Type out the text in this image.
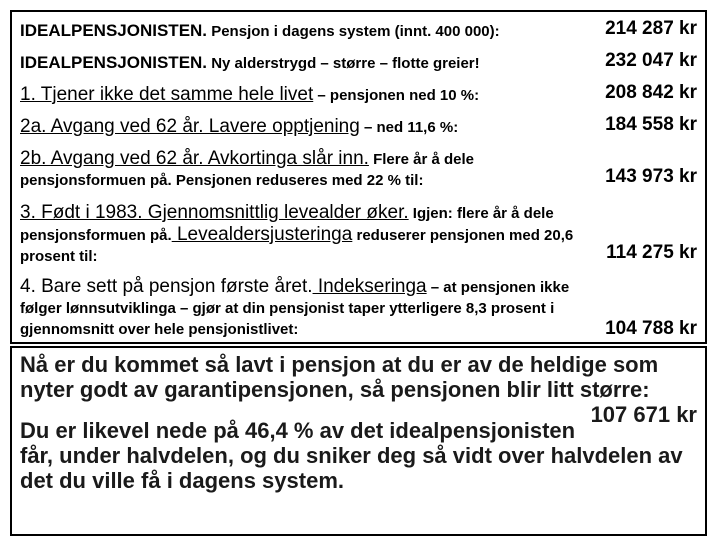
IDEALPENSJONISTEN. Pensjon i dagens system (innt. 400 000):	214 287 kr
IDEALPENSJONISTEN. Ny alderstrygd – større – flotte greier!	232 047 kr
1. Tjener ikke det samme hele livet – pensjonen ned 10 %:	208 842 kr
2a. Avgang ved 62 år. Lavere opptjening – ned 11,6 %:	184 558 kr
2b. Avgang ved 62 år. Avkortinga slår inn. Flere år å dele pensjonsformuen på. Pensjonen reduseres med 22 % til:	143 973 kr
3. Født i 1983. Gjennomsnittlig levealder øker. Igjen: flere år å dele pensjonsformuen på. Levealdersjusteringa reduserer pensjonen med 20,6 prosent til:	114 275 kr
4. Bare sett på pensjon første året. Indekseringa – at pensjonen ikke følger lønnsutviklinga – gjør at din pensjonist taper ytterligere 8,3 prosent i gjennomsnitt over hele pensjonistlivet:	104 788 kr

Nå er du kommet så lavt i pensjon at du er av de heldige som nyter godt av garantipensjonen, så pensjonen blir litt større:
107 671 kr

Du er likevel nede på 46,4 % av det idealpensjonisten får, under halvdelen, og du sniker deg så vidt over halvdelen av det du ville få i dagens system.
